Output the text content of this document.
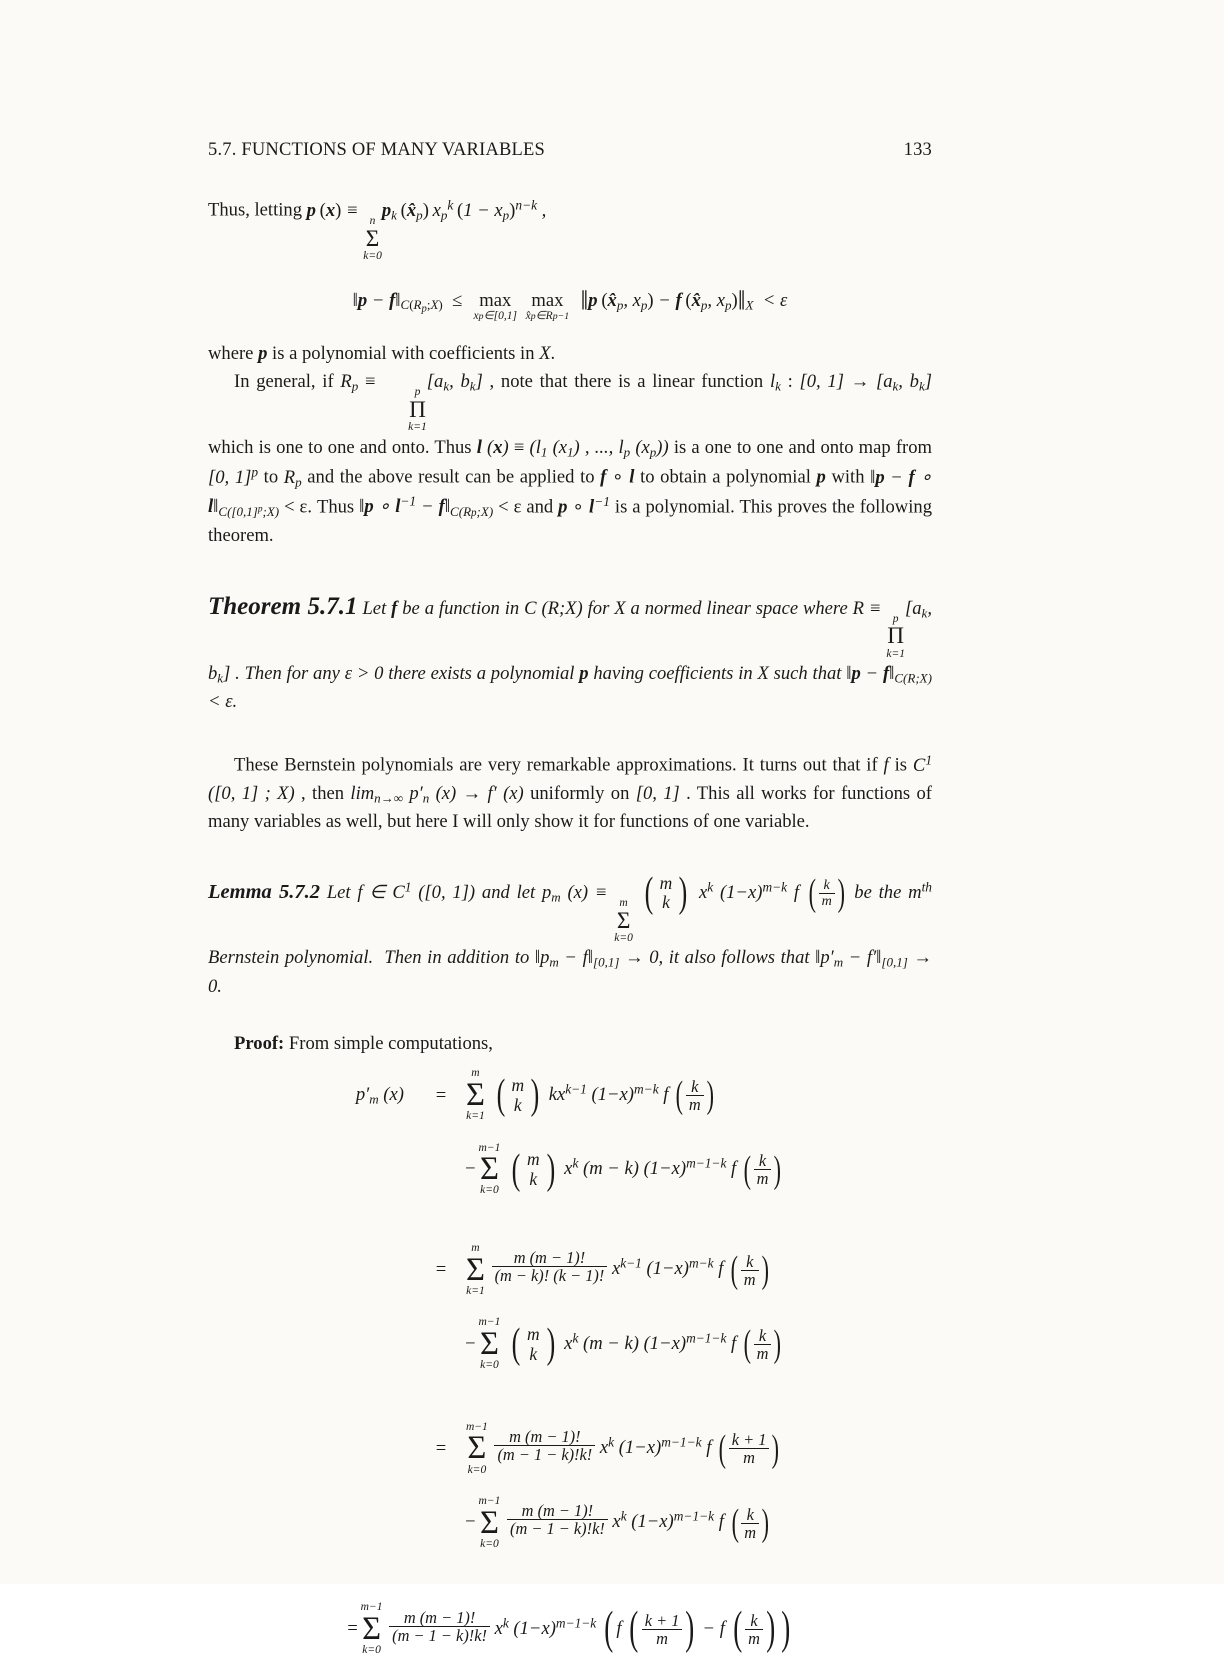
5.7. FUNCTIONS OF MANY VARIABLES	133

Thus, letting p (x) ≡
n
Σ
k=0
$p_k$ $(x̂_p)$ $x_p^k$ $(1 - x_p)^{n-k}$ ,

‖p − $f‖_{C(R_p;X)}$  ≤
max
xp∈[0,1]

max
x̂p∈Rp−1
‖p ($x̂_p$, $x_p) - f$ ($x̂_p$, $x_p)‖_X < \varepsilon$

where p is a polynomial with coefficients in X.

In general, if $R_p$ ≡
p
Π
k=1
[$a_k$, $b_k$] , note that there is a linear function $l_k$ : [0, $1] \to [a_k$, $b_k$] which is one to one and onto. Thus l $(x) \equiv (l_1$ $(x_1)$ , ..., $l_p$ $(x_p)$) is a one to one and onto map from [0, 1]$^p$ to $R_p$ and the above result can be applied to f ∘ l to obtain a polynomial p with ‖p − f ∘ $l‖_{C([0,1]^p;X)} < \varepsilon$. Thus ‖p ∘ $l^{-1}$ − $f‖_{C(Rp;X)} < \varepsilon$ and p ∘ $l^{-1}$ is a polynomial. This proves the following theorem.

Theorem 5.7.1 Let f be a function in C (R;X) for X a normed linear space where R ≡
p
Π
k=1
[$a_k$, $b_k$] . Then for any ε > 0 there exists a polynomial p having coefficients in X such that ‖p − $f‖_{C(R;X)} < \varepsilon$.

These Bernstein polynomials are very remarkable approximations. It turns out that if f is $C^1$ ([0, 1] ; X) , then $\lim_{n\to\infty} p'_n$ (x) → f′ (x) uniformly on [0, 1] . This all works for functions of many variables as well, but here I will only show it for functions of one variable.

Lemma 5.7.2 Let f ∈ $C^1$ ([0, 1]) and let $p_m$ (x) ≡
m
Σ
k=0

( m
k ) $x^k$ $(1-x)^{m-k}$ f ( $\frac{k}{m}$ ) be the $m^{th}$ Bernstein polynomial.  Then in addition to $‖p_m$ − $f‖_{[0,1]} \to 0$, it also follows that $‖p'_m$ − $f'‖_{[0,1]} \to 0$.

Proof: From simple computations,

$p'_m$ (x)	=	
m
Σ
k=1
( m
k ) $kx^{k-1}$ $(1-x)^{m-k}$ f ( $\frac{k}{m}$ )

		−
m−1
Σ
k=0
( m
k ) $x^k$ (m − k) $(1-x)^{m-1-k}$ f ( $\frac{k}{m}$ )

	=	
m
Σ
k=1

$\frac{m (m - 1)!}{(m - k)! (k - 1)!} x^{k-1}$ $(1-x)^{m-k}$ f ( $\frac{k}{m}$ )

		−
m−1
Σ
k=0
( m
k ) $x^k$ (m − k) $(1-x)^{m-1-k}$ f ( $\frac{k}{m}$ )

	=	
m−1
Σ
k=0

$\frac{m (m - 1)!}{(m - 1 - k)!k!} x^k$ $(1-x)^{m-1-k}$ f ( $\frac{k + 1}{m}$ )

		−
m−1
Σ
k=0

$\frac{m (m - 1)!}{(m - 1 - k)!k!} x^k$ $(1-x)^{m-1-k}$ f ( $\frac{k}{m}$ )
=
m−1
Σ
k=0

$\frac{m (m - 1)!}{(m - 1 - k)!k!} x^k$ $(1-x)^{m-1-k}$ ( f ( $\frac{k + 1}{m}$ ) − f ( $\frac{k}{m}$ ) )
